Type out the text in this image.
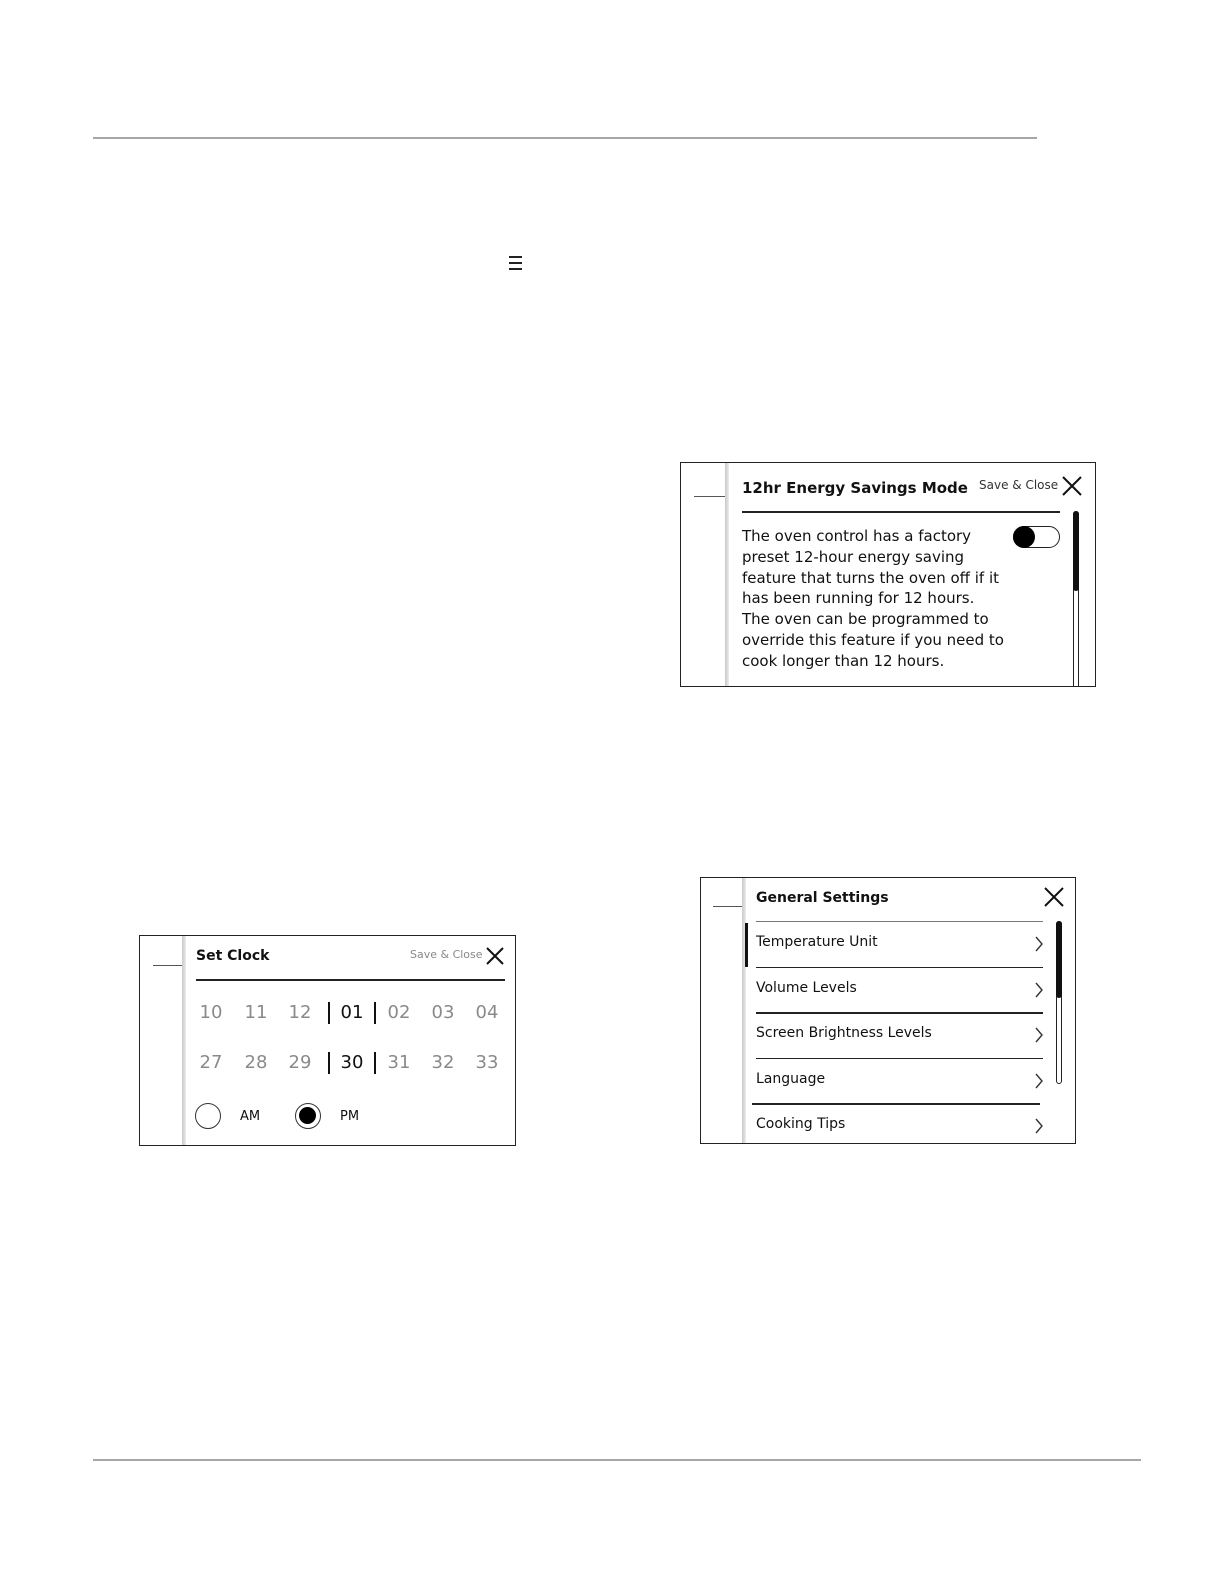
12hr Energy Savings Mode Save & Close
The oven control has a factory preset 12-hour energy saving feature that turns the oven off if it has been running for 12 hours. The oven can be programmed to override this feature if you need to cook longer than 12 hours.
Set Clock	Save & Close
10	11	12	01	02	03	04
27	28	29	30	31	32	33
AM	PM
General Settings
Temperature Unit
Volume Levels
Screen Brightness Levels
Language
Cooking Tips
